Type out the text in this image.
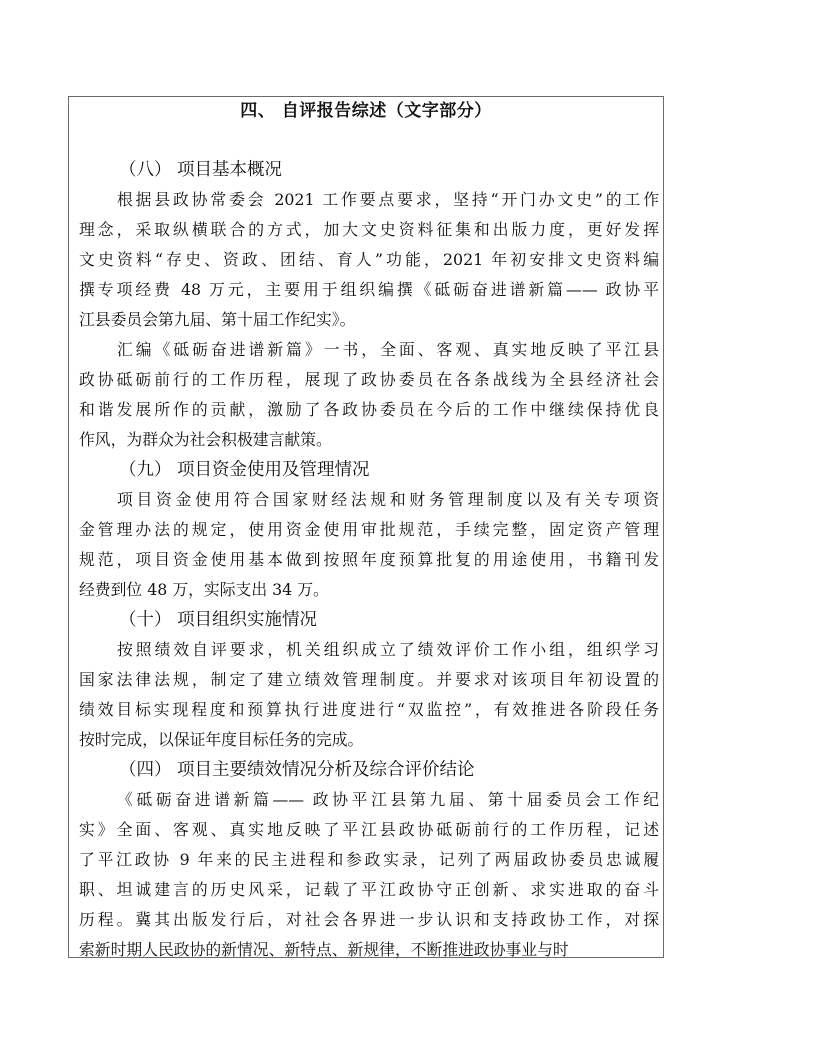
四、 自评报告综述（文字部分）
（八） 项目基本概况
根据县政协常委会 2021 工作要点要求，坚持“开门办文史”的工作
理念，采取纵横联合的方式，加大文史资料征集和出版力度，更好发挥
文史资料“存史、资政、团结、育人”功能，2021 年初安排文史资料编
撰专项经费 48 万元，主要用于组织编撰《砥砺奋进谱新篇—— 政协平
江县委员会第九届、第十届工作纪实》。
汇编《砥砺奋进谱新篇》一书，全面、客观、真实地反映了平江县
政协砥砺前行的工作历程，展现了政协委员在各条战线为全县经济社会
和谐发展所作的贡献，激励了各政协委员在今后的工作中继续保持优良
作风，为群众为社会积极建言献策。
（九） 项目资金使用及管理情况
项目资金使用符合国家财经法规和财务管理制度以及有关专项资
金管理办法的规定，使用资金使用审批规范，手续完整，固定资产管理
规范，项目资金使用基本做到按照年度预算批复的用途使用，书籍刊发
经费到位 48 万，实际支出 34 万。
（十） 项目组织实施情况
按照绩效自评要求，机关组织成立了绩效评价工作小组，组织学习
国家法律法规，制定了建立绩效管理制度。并要求对该项目年初设置的
绩效目标实现程度和预算执行进度进行“双监控”，有效推进各阶段任务
按时完成，以保证年度目标任务的完成。
（四） 项目主要绩效情况分析及综合评价结论
《砥砺奋进谱新篇—— 政协平江县第九届、第十届委员会工作纪
实》全面、客观、真实地反映了平江县政协砥砺前行的工作历程，记述
了平江政协 9 年来的民主进程和参政实录，记列了两届政协委员忠诚履
职、坦诚建言的历史风采，记载了平江政协守正创新、求实进取的奋斗
历程。冀其出版发行后，对社会各界进一步认识和支持政协工作，对探
索新时期人民政协的新情况、新特点、新规律，不断推进政协事业与时
